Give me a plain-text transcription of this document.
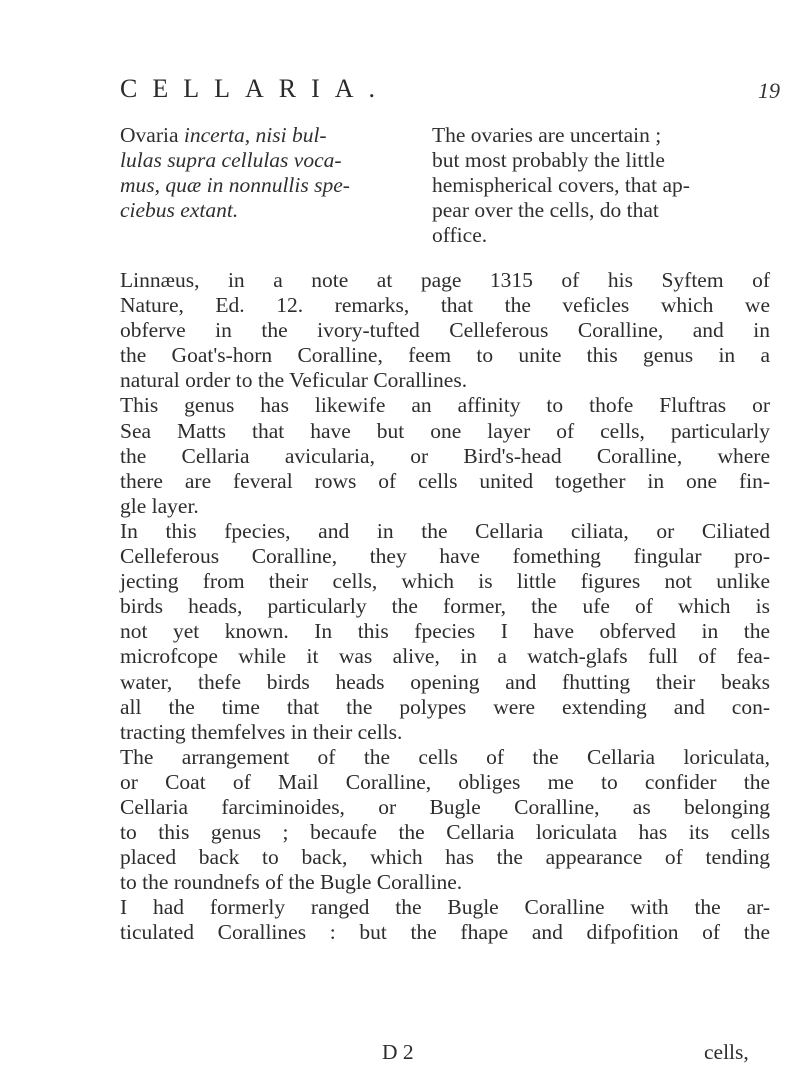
CELLARIA.	19
Ovaria incerta, nisi bul-
lulas supra cellulas voca-
mus, quæ in nonnullis spe-
ciebus extant.
The ovaries are uncertain ;
but most probably the little
hemispherical covers, that ap-
pear over the cells, do that
office.
Linnæus, in a note at page 1315 of his Syftem of
Nature, Ed. 12. remarks, that the veficles which we
obferve in the ivory-tufted Celleferous Coralline, and in
the Goat's-horn Coralline, feem to unite this genus in a
natural order to the Veficular Corallines.
This genus has likewife an affinity to thofe Fluftras or
Sea Matts that have but one layer of cells, particularly
the Cellaria avicularia, or Bird's-head Coralline, where
there are feveral rows of cells united together in one fin-
gle layer.
In this fpecies, and in the Cellaria ciliata, or Ciliated
Celleferous Coralline, they have fomething fingular pro-
jecting from their cells, which is little figures not unlike
birds heads, particularly the former, the ufe of which is
not yet known. In this fpecies I have obferved in the
microfcope while it was alive, in a watch-glafs full of fea-
water, thefe birds heads opening and fhutting their beaks
all the time that the polypes were extending and con-
tracting themfelves in their cells.
The arrangement of the cells of the Cellaria loriculata,
or Coat of Mail Coralline, obliges me to confider the
Cellaria farciminoides, or Bugle Coralline, as belonging
to this genus ; becaufe the Cellaria loriculata has its cells
placed back to back, which has the appearance of tending
to the roundnefs of the Bugle Coralline.
I had formerly ranged the Bugle Coralline with the ar-
ticulated Corallines : but the fhape and difpofition of the
D 2	cells,
